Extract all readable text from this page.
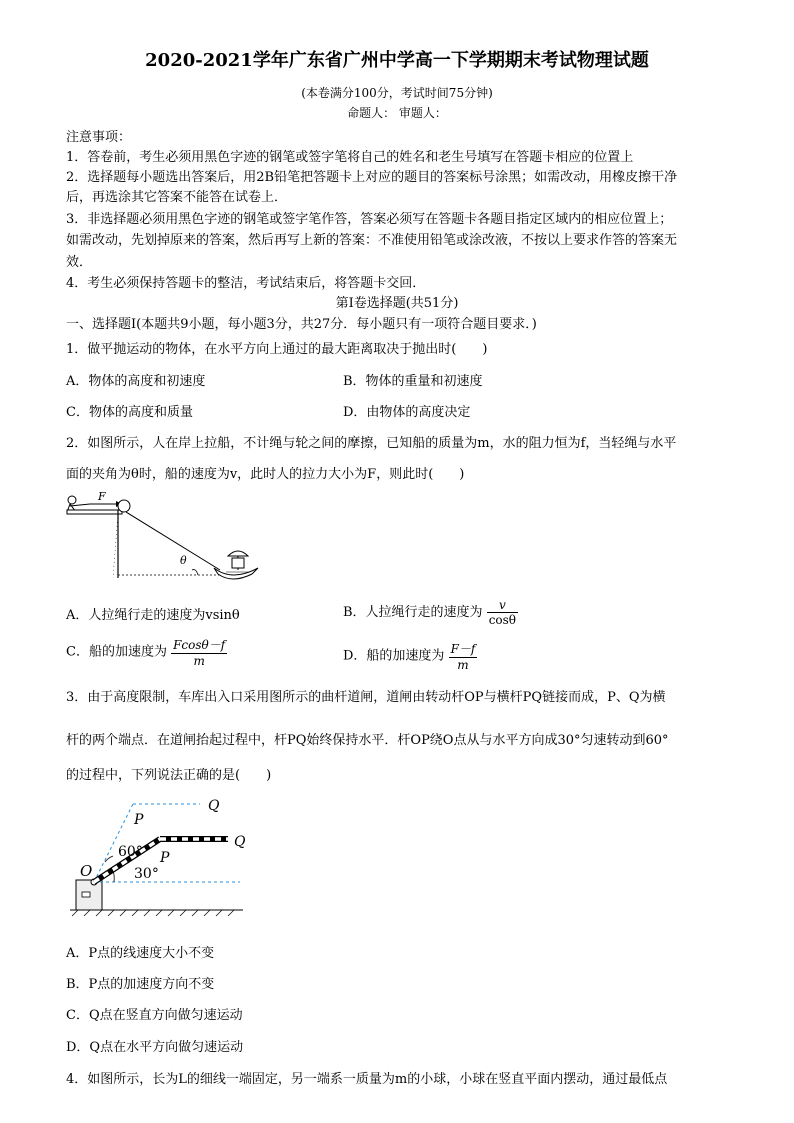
2020-2021学年广东省广州中学高一下学期期末考试物理试题
(本卷满分100分，考试时间75分钟)
命题人： 审题人：
注意事项：
1．答卷前，考生必须用黑色字迹的钢笔或签字笔将自己的姓名和老生号填写在答题卡相应的位置上
2．选择题每小题选出答案后，用2B铅笔把答题卡上对应的题目的答案标号涂黑；如需改动，用橡皮擦干净
后，再选涂其它答案不能答在试卷上．
3．非选择题必须用黑色字迹的钢笔或签字笔作答，答案必须写在答题卡各题目指定区域内的相应位置上；
如需改动，先划掉原来的答案，然后再写上新的答案：不准使用铅笔或涂改液，不按以上要求作答的答案无
效．
4．考生必须保持答题卡的整洁，考试结束后，将答题卡交回．
第I卷选择题(共51分)
一、选择题I(本题共9小题，每小题3分，共27分．每小题只有一项符合题目要求．)
1．做平抛运动的物体，在水平方向上通过的最大距离取决于抛出时(　　)
A．物体的高度和初速度	B．物体的重量和初速度
C．物体的高度和质量	D．由物体的高度决定
2．如图所示，人在岸上拉船，不计绳与轮之间的摩擦，已知船的质量为m，水的阻力恒为f，当轻绳与水平
面的夹角为θ时，船的速度为v，此时人的拉力大小为F，则此时(　　)
F
θ
A．人拉绳行走的速度为vsinθ	B．人拉绳行走的速度为 $\frac{v}{\cos\theta}$
C．船的加速度为 $\frac{Fcos\theta-f}{m}$	D．船的加速度为 $\frac{F-f}{m}$
3．由于高度限制，车库出入口采用图所示的曲杆道闸，道闸由转动杆OP与横杆PQ链接而成，P、Q为横
杆的两个端点．在道闸抬起过程中，杆PQ始终保持水平．杆OP绕O点从与水平方向成30°匀速转动到60°
的过程中，下列说法正确的是(　　)
O
P
Q
P
Q
60°
30°
A．P点的线速度大小不变
B．P点的加速度方向不变
C．Q点在竖直方向做匀速运动
D．Q点在水平方向做匀速运动
4．如图所示，长为L的细线一端固定，另一端系一质量为m的小球，小球在竖直平面内摆动，通过最低点
